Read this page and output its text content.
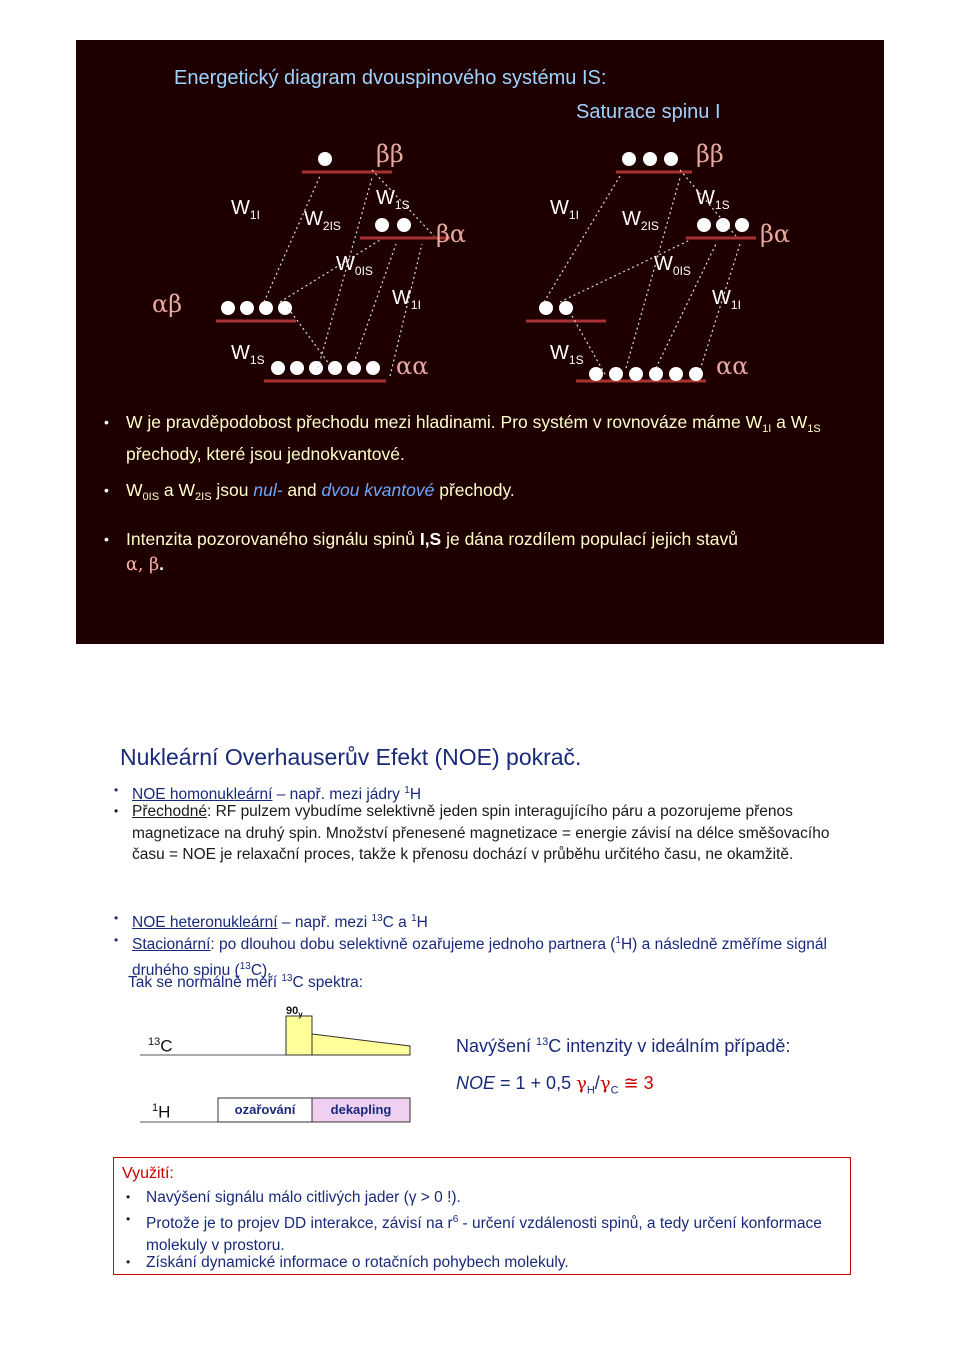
Energetický diagram dvouspinového systému IS:
Saturace spinu I
$W_{1I}$ $W_{2IS}$
$W_{1S}$
$W_{0IS}$
$W_{1I}$
$W_{1S}$
ββ
βα
αβ
αα
$W_{1I}$ $W_{2IS}$
$W_{1S}$
$W_{0IS}$
$W_{1I}$
$W_{1S}$
ββ
βα
αα
• W je pravděpodobost přechodu mezi hladinami. Pro systém v rovnováze máme $W_{1I}$ a $W_{1S}$ přechody, které jsou jednokvantové.
• $W_{0IS}$ a $W_{2IS}$ jsou nul- and dvou kvantové přechody.
• Intenzita pozorovaného signálu spinů I,S je dána rozdílem populací jejich stavů
α, β.
Nukleární Overhauserův Efekt (NOE) pokrač.
• NOE homonukleární – např. mezi jádry $^1$H
• Přechodné: RF pulzem vybudíme selektivně jeden spin interagujícího páru a pozorujeme přenos magnetizace na druhý spin. Množství přenesené magnetizace = energie závisí na délce směšovacího času = NOE je relaxační proces, takže k přenosu dochází v průběhu určitého času, ne okamžitě.
• NOE heteronukleární – např. mezi $^{13}$C a $^1$H
• Stacionární: po dlouhou dobu selektivně ozařujeme jednoho partnera ($^1$H) a následně změříme signál druhého spinu ($^{13}$C).
Tak se normálně měří $^{13}$C spektra:
$90_y$
$^{13}$C
$^1$H	ozařování	dekapling
Navýšení $^{13}$C intenzity v ideálním případě:
NOE = 1 + 0,5 $\gamma_H/\gamma_C$ ≅ 3
Využití:
• Navýšení signálu málo citlivých jader (γ > 0 !).
• Protože je to projev DD interakce, závisí na $r^6$ - určení vzdálenosti spinů, a tedy určení konformace molekuly v prostoru.
• Získání dynamické informace o rotačních pohybech molekuly.
